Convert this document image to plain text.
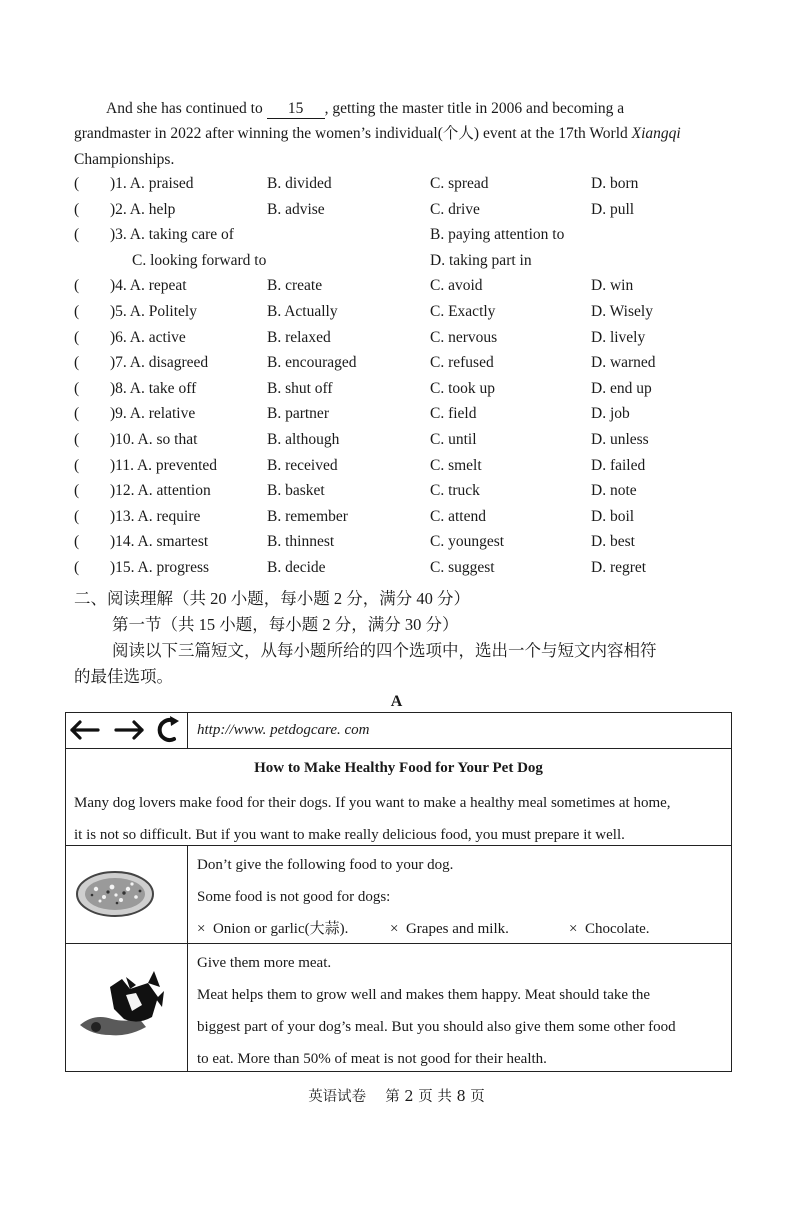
And she has continued to 15 , getting the master title in 2006 and becoming a
grandmaster in 2022 after winning the women’s individual(个人) event at the 17th World Xiangqi
Championships.
( )1. A. praised	B. divided	C. spread	D. born
( )2. A. help	B. advise	C. drive	D. pull
( )3. A. taking care of	B. paying attention to
C. looking forward to	D. taking part in
( )4. A. repeat	B. create	C. avoid	D. win
( )5. A. Politely	B. Actually	C. Exactly	D. Wisely
( )6. A. active	B. relaxed	C. nervous	D. lively
( )7. A. disagreed	B. encouraged	C. refused	D. warned
( )8. A. take off	B. shut off	C. took up	D. end up
( )9. A. relative	B. partner	C. field	D. job
( )10. A. so that	B. although	C. until	D. unless
( )11. A. prevented	B. received	C. smelt	D. failed
( )12. A. attention	B. basket	C. truck	D. note
( )13. A. require	B. remember	C. attend	D. boil
( )14. A. smartest	B. thinnest	C. youngest	D. best
( )15. A. progress	B. decide	C. suggest	D. regret
二、阅读理解（共 20 小题，每小题 2 分，满分 40 分）
第一节（共 15 小题，每小题 2 分，满分 30 分）
阅读以下三篇短文，从每小题所给的四个选项中，选出一个与短文内容相符
的最佳选项。
A
http://www. petdogcare. com
How to Make Healthy Food for Your Pet Dog
Many dog lovers make food for their dogs. If you want to make a healthy meal sometimes at home,
it is not so difficult. But if you want to make really delicious food, you must prepare it well.
Don’t give the following food to your dog.
Some food is not good for dogs:
× Onion or garlic(大蒜).	× Grapes and milk.	× Chocolate.
Give them more meat.
Meat helps them to grow well and makes them happy. Meat should take the
biggest part of your dog’s meal. But you should also give them some other food
to eat. More than 50% of meat is not good for their health.
英语试卷　 第 2 页 共 8 页
